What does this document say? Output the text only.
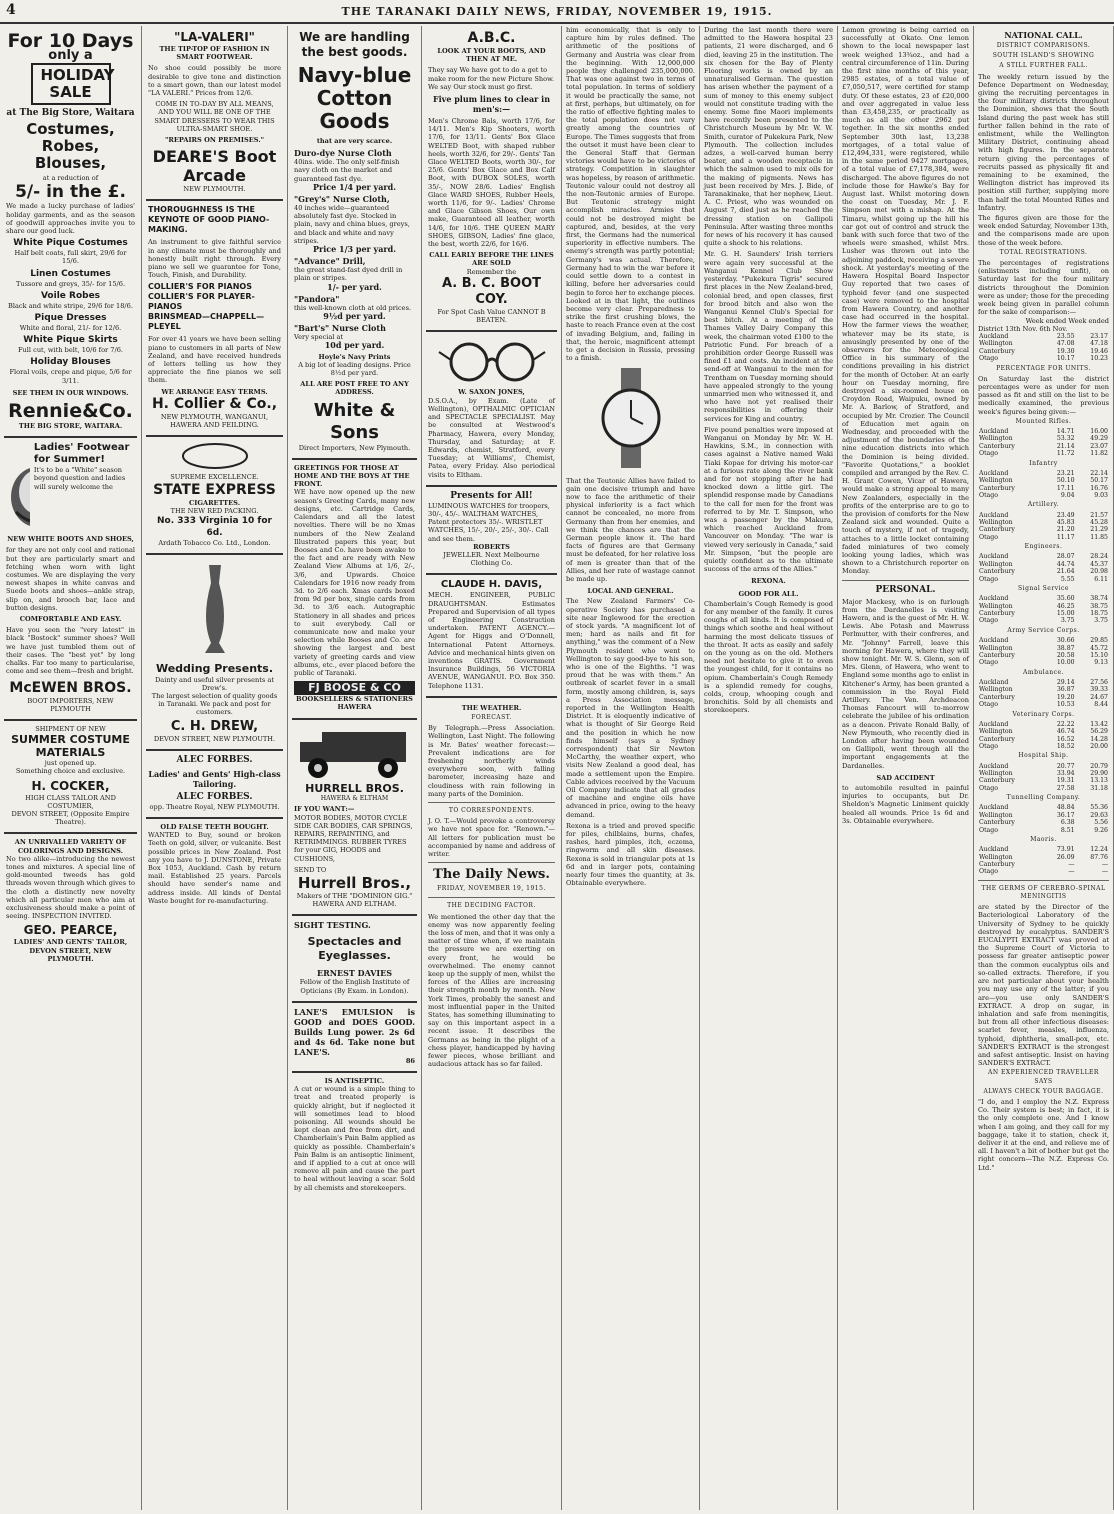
4	THE TARANAKI DAILY NEWS, FRIDAY, NOVEMBER 19, 1915.
For 10 Days
only a
HOLIDAY SALE
at The Big Store, Waitara
Costumes, Robes, Blouses,
at a reduction of
5/- in the £.
We made a lucky purchase of ladies' holiday garments, and as the season of goodwill approaches invite you to share our good luck.
White Pique Costumes
Half belt coats, full skirt, 29/6 for 15/6.
Linen Costumes
Tussore and greys, 35/- for 15/6.
Voile Robes
Black and white stripe, 29/6 for 18/6.
Pique Dresses
White and floral, 21/- for 12/6.
White Pique Skirts
Full cut, with belt, 10/6 for 7/6.
Holiday Blouses
Floral voils, crepe and pique, 5/6 for 3/11.
SEE THEM IN OUR WINDOWS.
Rennie&Co.
THE BIG STORE, WAITARA.
Ladies' Footwear for Summer!
It's to be a "White" season beyond question and ladies will surely welcome the
NEW WHITE BOOTS AND SHOES,
for they are not only cool and rational but they are particularly smart and fetching when worn with light costumes. We are displaying the very newest shapes in white canvas and Suede boots and shoes—ankle strap, slip on, and brooch bar, lace and button designs.
COMFORTABLE AND EASY.
Have you seen the "very latest" in black "Bostock" summer shoes? Well we have just tumbled them out of their cases. The "best yet" by long chalks. Far too many to particularise, come and see them—fresh and bright.
McEWEN BROS.
BOOT IMPORTERS, NEW PLYMOUTH
SHIPMENT OF NEW
SUMMER COSTUME MATERIALS
just opened up.
Something choice and exclusive.
H. COCKER,
HIGH CLASS TAILOR AND COSTUMIER,
DEVON STREET, (Opposite Empire Theatre).
AN UNRIVALLED VARIETY OF COLORINGS AND DESIGNS.
No two alike—introducing the newest tones and mixtures. A special line of gold-mounted tweeds has gold threads woven through which gives to the cloth a distinctly new novelty which all particular men who aim at exclusiveness should make a point of seeing. INSPECTION INVITED.
GEO. PEARCE,
LADIES' AND GENTS' TAILOR, DEVON STREET, NEW PLYMOUTH.
"LA-VALERI"
THE TIP-TOP OF FASHION IN SMART FOOTWEAR.
No shoe could possibly be more desirable to give tone and distinction to a smart gown, than our latest model "LA VALERI." Prices from 12/6.
COME IN TO-DAY BY ALL MEANS, AND YOU WILL BE ONE OF THE SMART DRESSERS TO WEAR THIS ULTRA-SMART SHOE.
"REPAIRS ON PREMISES."
DEARE'S Boot Arcade
NEW PLYMOUTH.
THOROUGHNESS IS THE KEYNOTE OF GOOD PIANO-MAKING.
An instrument to give faithful service in any climate must be thoroughly and honestly built right through. Every piano we sell we guarantee for Tone, Touch, Finish, and Durability.
COLLIER'S FOR PIANOS COLLIER'S FOR PLAYER-PIANOS
BRINSMEAD—CHAPPELL—PLEYEL
For over 41 years we have been selling piano to customers in all parts of New Zealand, and have received hundreds of letters telling us how they appreciate the fine pianos we sell them.
WE ARRANGE EASY TERMS.
H. Collier & Co.,
NEW PLYMOUTH, WANGANUI, HAWERA AND FEILDING.
SUPREME EXCELLENCE.
STATE EXPRESS
CIGARETTES.
THE NEW RED PACKING.
No. 333 Virginia 10 for 6d.
Ardath Tobacco Co. Ltd., London.
Wedding Presents.
Dainty and useful silver presents at Drew's.
The largest selection of quality goods in Taranaki. We pack and post for customers.
C. H. DREW,
DEVON STREET, NEW PLYMOUTH.
ALEC FORBES.
Ladies' and Gents' High-class Tailoring.
ALEC FORBES.
opp. Theatre Royal, NEW PLYMOUTH.
OLD FALSE TEETH BOUGHT.
WANTED to Buy, sound or broken Teeth on gold, silver, or vulcanite. Best possible prices in New Zealand. Post any you have to J. DUNSTONE, Private Box 1053, Auckland. Cash by return mail. Established 25 years. Parcels should have sender's name and address inside. All kinds of Dental Waste bought for re-manufacturing.
We are handling the best goods.
Navy-blue Cotton Goods
that are very scarce.
Duro-dye Nurse Cloth
40ins. wide. The only self-finish navy cloth on the market and guaranteed fast dye.
Price 1/4 per yard.
"Grey's" Nurse Cloth,
40 inches wide—guaranteed absolutely fast dye. Stocked in plain, navy and china blues, greys, and black and white and navy stripes.
Price 1/3 per yard.
"Advance" Drill,
the great stand-fast dyed drill in plain or stripes.
1/- per yard.
"Pandora"
this well-known cloth at old prices.
9½d per yard.
"Bart's" Nurse Cloth
Very special at
10d per yard.
Hoyle's Navy Prints
A big lot of leading designs. Price 8½d per yard.
ALL ARE POST FREE TO ANY ADDRESS.
White & Sons
Direct Importers, New Plymouth.
GREETINGS FOR THOSE AT HOME AND THE BOYS AT THE FRONT.
WE have now opened up the new season's Greeting Cards, many new designs, etc. Cartridge Cards, Calendars and all the latest novelties. There will be no Xmas numbers of the New Zealand Illustrated papers this year, but Booses and Co. have been awake to the fact and are ready with New Zealand View Albums at 1/6, 2/-, 3/6, and Upwards. Choice Calendars for 1916 now ready from 3d. to 2/6 each. Xmas cards boxed from 9d per box, single cards from 3d. to 3/6 each. Autographic Stationery in all shades and prices to suit everybody. Call or communicate now and make your selection while Booses and Co. are showing the largest and best variety of greeting cards and view albums, etc., ever placed before the public of Taranaki.
FJ BOOSE & CO
BOOKSELLERS & STATIONERS HAWERA
HURRELL BROS.
HAWERA & ELTHAM
IF YOU WANT:—
MOTOR BODIES, MOTOR CYCLE SIDE CAR BODIES, CAR SPRINGS, REPAIRS, REPAINTING, and RETRIMMINGS. RUBBER TYRES for your GIG, HOODS and CUSHIONS,
SEND TO
Hurrell Bros.,
Makers of THE "DOMINION GIG." HAWERA AND ELTHAM.
SIGHT TESTING.
Spectacles and Eyeglasses.
ERNEST DAVIES
Fellow of the English Institute of Opticians (By Exam. in London).
LANE'S EMULSION is GOOD and DOES GOOD. Builds Lung power. 2s 6d and 4s 6d. Take none but LANE'S.
86
IS ANTISEPTIC.
A cut or wound is a simple thing to treat and treated properly is quickly alright, but if neglected it will sometimes lead to blood poisoning. All wounds should be kept clean and free from dirt, and Chamberlain's Pain Balm applied as quickly as possible. Chamberlain's Pain Balm is an antiseptic liniment, and if applied to a cut at once will remove all pain and cause the part to heal without leaving a scar. Sold by all chemists and storekeepers.
A.B.C.
LOOK AT YOUR BOOTS, AND THEN AT ME.
They say We have got to do a get to make room for the new Picture Show. We say Our stock must go first.
Five plum lines to clear in men's:—
Men's Chrome Bals, worth 17/6, for 14/11. Men's Kip Shooters, worth 17/6, for 13/11. Gents' Box Glace WELTED Boot, with shaped rubber heels, worth 32/6, for 29/-. Gents' Tan Glace WELTED Boots, worth 30/-, for 25/6. Gents' Box Glace and Box Calf Boot, with DUBOX SOLES, worth 35/-, NOW 28/6. Ladies' English Glace WARD SHOES, Rubber Heels, worth 11/6, for 9/-. Ladies' Chrome and Glace Gibson Shoes, Our own make, Guaranteed all leather, worth 14/6, for 10/6. THE QUEEN MARY SHOES, GIBSON, Ladies' fine glace, the best, worth 22/6, for 16/6.
CALL EARLY BEFORE THE LINES ARE SOLD
Remember the
A. B. C. BOOT COY.
For Spot Cash Value CANNOT B BEATEN.
W. SAXON JONES,
D.S.O.A., by Exam. (Late of Wellington), OPTHALMIC OPTICIAN and SPECTACLE SPECIALIST. May be consulted at Westwood's Pharmacy, Hawera, every Monday, Thursday, and Saturday; at F. Edwards, chemist, Stratford, every Tuesday; at Williams', Chemist, Patea, every Friday. Also periodical visits to Eltham.
Presents for All!
LUMINOUS WATCHES for troopers, 30/-, 45/-. WALTHAM WATCHES, Patent protectors 35/-. WRISTLET WATCHES, 15/-, 20/-, 25/-, 30/-. Call and see them.
ROBERTS
JEWELLER. Next Melbourne Clothing Co.
CLAUDE H. DAVIS,
MECH. ENGINEER, PUBLIC DRAUGHTSMAN. Estimates Prepared and Supervision of all types of Engineering Construction undertaken. PATENT AGENCY.—Agent for Higgs and O'Donnell, International Patent Attorneys. Advice and mechanical hints given on inventions GRATIS. Government Insurance Buildings, 56 VICTORIA AVENUE, WANGANUI. P.O. Box 350. Telephone 1131.
THE WEATHER.
FORECAST.
By Telegraph.—Press Association. Wellington, Last Night. The following is Mr. Bates' weather forecast:— Prevalent indications are for freshening northerly winds everywhere soon, with falling barometer, increasing haze and cloudiness with rain following in many parts of the Dominion.
TO CORRESPONDENTS.
J. O. T.—Would provoke a controversy we have not space for. "Renown."—All letters for publication must be accompanied by name and address of writer.
The Daily News.
FRIDAY, NOVEMBER 19, 1915.
THE DECIDING FACTOR.
We mentioned the other day that the enemy was now apparently feeling the loss of men, and that it was only a matter of time when, if we maintain the pressure we are exerting on every front, he would be overwhelmed. The enemy cannot keep up the supply of men, whilst the forces of the Allies are increasing their strength month by month. New York Times, probably the sanest and most influential paper in the United States, has something illuminating to say on this important aspect in a recent issue. It describes the Germans as being in the plight of a chess player, handicapped by having fewer pieces, whose brilliant and audacious attack has so far failed.
him economically, that is only to capture him by rules defined. The arithmetic of the positions of Germany and Austria was clear from the beginning. With 12,000,000 people they challenged 235,000,000. That was one against two in terms of total population. In terms of soldiery it would be practically the same, not at first, perhaps, but ultimately, on for the ratio of effective fighting males to the total population does not vary greatly among the countries of Europe. The Times suggests that from the outset it must have been clear to the General Staff that German victories would have to be victories of strategy. Competition in slaughter was hopeless, by reason of arithmetic. Teutonic valour could not destroy all the non-Teutonic armies of Europe. But Teutonic strategy might accomplish miracles. Armies that could not be destroyed might be captured, and, besides, at the very first, the Germans had the numerical superiority in effective numbers. The enemy's strength was partly potential; Germany's was actual. Therefore, Germany had to win the war before it could settle down to a contest in killing, before her adversaries could begin to force her to exchange pieces. Looked at in that light, the outlines become very clear. Preparedness to strike the first crushing blows, the haste to reach France even at the cost of invading Belgium, and, failing in that, the heroic, magnificent attempt to get a decision in Russia, pressing to a finish.
That the Teutonic Allies have failed to gain one decisive triumph and have now to face the arithmetic of their physical inferiority is a fact which cannot be concealed, no more from Germany than from her enemies, and we think the chances are that the German people know it. The hard facts of figures are that Germany must be defeated, for her relative loss of men is greater than that of the Allies, and her rate of wastage cannot be made up.
LOCAL AND GENERAL.
The New Zealand Farmers' Co-operative Society has purchased a site near Inglewood for the erection of stock yards. "A magnificent lot of men; hard as nails and fit for anything," was the comment of a New Plymouth resident who went to Wellington to say good-bye to his son, who is one of the Eighths. "I was proud that he was with them." An outbreak of scarlet fever in a small form, mostly among children, is, says a Press Association message, reported in the Wellington Health District. It is eloquently indicative of what is thought of Sir George Reid and the position in which he now finds himself (says a Sydney correspondent) that Sir Newton McCarthy, the weather expert, who visits New Zealand a good deal, has made a settlement upon the Empire. Cable advices received by the Vacuum Oil Company indicate that all grades of machine and engine oils have advanced in price, owing to the heavy demand.
Rexona is a tried and proved specific for piles, chilblains, burns, chafes, rashes, hard pimples, itch, eczema, ringworm and all skin diseases. Rexona is sold in triangular pots at 1s 6d and in larger pots, containing nearly four times the quantity, at 3s. Obtainable everywhere.
During the last month there were admitted to the Hawera hospital 23 patients, 21 were discharged, and 6 died, leaving 25 in the institution. The six chosen for the Bay of Plenty Flooring works is owned by an unnaturalised German. The question has arisen whether the payment of a sum of money to this enemy subject would not constitute trading with the enemy. Some fine Maori implements have recently been presented to the Christchurch Museum by Mr. W. W. Smith, curator of Pukekura Park, New Plymouth. The collection includes adzes, a well-carved human berry beater, and a wooden receptacle in which the salmon used to mix oils for the making of pigments. News has just been received by Mrs. J. Bide, of Taranakinake, that her nephew, Lieut. A. C. Priest, who was wounded on August 7, died just as he reached the dressing station on Gallipoli Peninsula. After wasting three months for news of his recovery it has caused quite a shock to his relations.
Mr. G. H. Saunders' Irish terriers were again very successful at the Wanganui Kennel Club Show yesterday. "Pukekura Tigris" secured first places in the New Zealand-bred, colonial bred, and open classes, first for brood bitch and also won the Wanganui Kennel Club's Special for best bitch. At a meeting of the Thames Valley Dairy Company this week, the chairman voted £100 to the Patriotic Fund. For breach of a prohibition order George Russell was fined £1 and costs. An incident at the send-off at Wanganui to the men for Trentham on Tuesday morning should have appealed strongly to the young unmarried men who witnessed it, and who have not yet realised their responsibilities in offering their services for King and country.
Five pound penalties were imposed at Wanganui on Monday by Mr. W. H. Hawkins, S.M., in connection with cases against a Native named Waki Tiaki Kopae for driving his motor-car at a furious rate along the river bank and for not stopping after he had knocked down a little girl. The splendid response made by Canadians to the call for men for the front was referred to by Mr. T. Simpson, who was a passenger by the Makura, which reached Auckland from Vancouver on Monday. "The war is viewed very seriously in Canada," said Mr. Simpson, "but the people are quietly confident as to the ultimate success of the arms of the Allies."
REXONA.
GOOD FOR ALL.
Chamberlain's Cough Remedy is good for any member of the family. It cures coughs of all kinds. It is composed of things which soothe and heal without harming the most delicate tissues of the throat. It acts as easily and safely on the young as on the old. Mothers need not hesitate to give it to even the youngest child, for it contains no opium. Chamberlain's Cough Remedy is a splendid remedy for coughs, colds, croup, whooping cough and bronchitis. Sold by all chemists and storekeepers.
Lemon growing is being carried on successfully at Okato. One lemon shown to the local newspaper last week weighed 13¾oz., and had a central circumference of 11in. During the first nine months of this year, 2985 estates, of a total value of £7,050,517, were certified for stamp duty. Of these estates, 23 of £20,000 and over aggregated in value less than £3,458,235, or practically as much as all the other 2962 put together. In the six months ended September 30th last, 13,238 mortgages, of a total value of £12,494,331, were registered, while in the same period 9427 mortgages, of a total value of £7,178,384, were discharged. The above figures do not include those for Hawke's Bay for August last. Whilst motoring down the coast on Tuesday, Mr. J. F. Simpson met with a mishap. At the Timaru, whilst going up the hill his car got out of control and struck the bank with such force that two of the wheels were smashed, whilst Mrs. Lusher was thrown out into the adjoining paddock, receiving a severe shock. At yesterday's meeting of the Hawera Hospital Board Inspector Guy reported that two cases of typhoid fever (and one suspected case) were removed to the hospital from Hawera Country, and another case had occurred in the hospital. How the farmer views the weather, whatever may be its state, is amusingly presented by one of the observers for the Meteorological Office in his summary of the conditions prevailing in his district for the month of October. At an early hour on Tuesday morning, fire destroyed a six-roomed house on Croydon Road, Waipuku, owned by Mr. A. Barlow, of Stratford, and occupied by Mr. Crozier. The Council of Education met again on Wednesday, and proceeded with the adjustment of the boundaries of the nine education districts into which the Dominion is being divided. "Favorite Quotations," a booklet compiled and arranged by the Rev. C. H. Grant Cowen, Vicar of Hawera, would make a strong appeal to many New Zealanders, especially in the profits of the enterprise are to go to the provision of comforts for the New Zealand sick and wounded. Quite a touch of mystery, if not of tragedy, attaches to a little locket containing faded miniatures of two comely looking young ladies, which was shown to a Christchurch reporter on Monday.
PERSONAL.
Major Mackesy, who is on furlough from the Dardanelles is visiting Hawera, and is the guest of Mr. H. W. Lewis. Abe Potash and Mawruss Perlmutter, with their confreres, and Mr. "Johnny" Farrell, leave this morning for Hawera, where they will show tonight. Mr. W. S. Glenn, son of Mrs. Glenn, of Hawera, who went to England some months ago to enlist in Kitchener's Army, has been granted a commission in the Royal Field Artillery. The Ven. Archdeacon Thomas Fancourt will to-morrow celebrate the jubilee of his ordination as a deacon. Private Ronald Bally, of New Plymouth, who recently died in London after having been wounded on Gallipoli, went through all the important engagements at the Dardanelles.
SAD ACCIDENT
to automobile resulted in painful injuries to occupants, but Dr. Sheldon's Magnetic Liniment quickly healed all wounds. Price 1s 6d and 3s. Obtainable everywhere.
NATIONAL CALL.
DISTRICT COMPARISONS.
SOUTH ISLAND'S SHOWING
A STILL FURTHER FALL.
The weekly return issued by the Defence Department on Wednesday, giving the recruiting percentages in the four military districts throughout the Dominion, shows that the South Island during the past week has still further fallen behind in the rate of enlistment, while the Wellington Military District, continuing ahead with high figures. In the separate return giving the percentages of recruits passed as physically fit and remaining to be examined, the Wellington district has improved its position still further, supplying more than half the total Mounted Rifles and Infantry.
The figures given are those for the week ended Saturday, November 13th, and the comparisons made are upon those of the week before.
TOTAL REGISTRATIONS.
The percentages of registrations (enlistments including unfit), on Saturday last for the four military districts throughout the Dominion were as under; those for the preceding week being given in parallel column for the sake of comparison:—
Week ended Week ended
District 13th Nov. 6th Nov.
Auckland	23.55	23.17
Wellington	47.08	47.18
Canterbury	19.30	19.46
Otago	10.17	10.23
PERCENTAGE FOR UNITS.
On Saturday last the district percentages were as under for men passed as fit and still on the list to be medically examined, the previous week's figures being given:—
Mounted Rifles.
Auckland	14.71	16.00
Wellington	53.32	49.29
Canterbury	21.14	23.07
Otago	11.72	11.82
Infantry
Auckland	23.21	22.14
Wellington	50.10	50.17
Canterbury	17.11	16.76
Otago	9.04	9.03
Artillery.
Auckland	23.49	21.57
Wellington	45.83	45.28
Canterbury	21.20	21.29
Otago	11.17	11.85
Engineers.
Auckland	28.07	28.24
Wellington	44.74	45.37
Canterbury	21.64	20.98
Otago	5.55	6.11
Signal Service
Auckland	35.60	38.74
Wellington	46.25	38.75
Canterbury	15.00	18.75
Otago	3.75	3.75
Army Service Corps.
Auckland	30.66	29.85
Wellington	38.87	45.72
Canterbury	20.58	15.10
Otago	10.00	9.13
Ambulance.
Auckland	29.14	27.56
Wellington	36.87	39.33
Canterbury	19.20	24.67
Otago	10.53	8.44
Veterinary Corps.
Auckland	22.22	13.42
Wellington	46.74	56.29
Canterbury	16.52	14.28
Otago	18.52	20.00
Hospital Ship.
Auckland	20.77	20.79
Wellington	33.94	29.90
Canterbury	19.31	13.13
Otago	27.58	31.18
Tunnelling Company.
Auckland	48.84	55.36
Wellington	36.17	29.63
Canterbury	6.38	5.56
Otago	8.51	9.26
Maoris.
Auckland	73.91	12.24
Wellington	26.09	87.76
Canterbury	—	—
Otago	—	—
THE GERMS OF CEREBRO-SPINAL MENINGITIS
are stated by the Director of the Bacteriological Laboratory of the University of Sydney to be quickly destroyed by eucalyptus. SANDER'S EUCALYPTI EXTRACT was proved at the Supreme Court of Victoria to possess far greater antiseptic power than the common eucalyptus oils and so-called extracts. Therefore, if you are not particular about your health you may use any of the latter; if you are—you use only SANDER'S EXTRACT. A drop on sugar, in inhalation and safe from meningitis, but from all other infectious diseases: scarlet fever, measles, influenza, typhoid, diphtheria, small-pox, etc. SANDER'S EXTRACT is the strongest and safest antiseptic. Insist on having SANDER'S EXTRACT.
AN EXPERIENCED TRAVELLER SAYS
ALWAYS CHECK YOUR BAGGAGE.
"I do, and I employ the N.Z. Express Co. Their system is best; in fact, it is the only complete one. And I know when I am going, and they call for my baggage, take it to station, check it, deliver it at the end, and relieve me of all. I haven't a bit of bother but get the right concern—The N.Z. Express Co. Ltd."
